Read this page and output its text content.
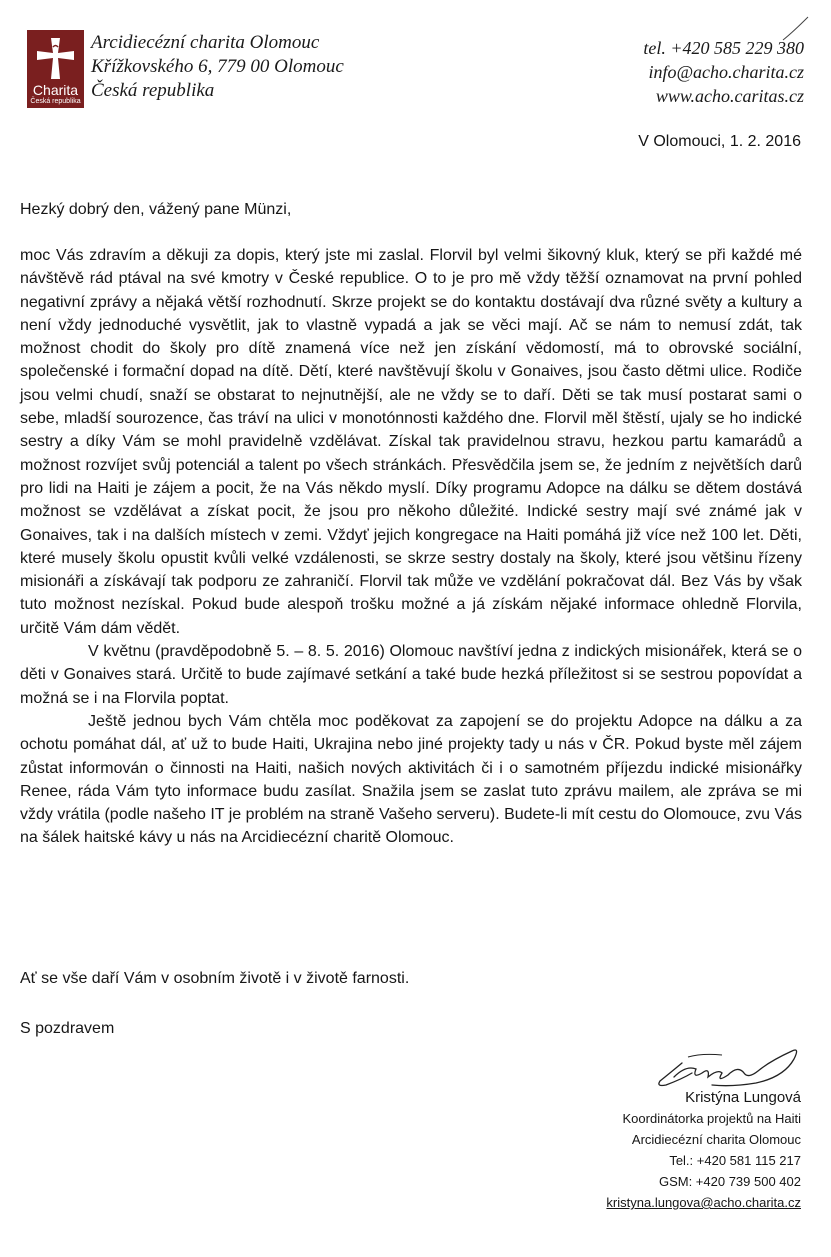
Charita
Česká republika
Arcidiecézní charita Olomouc
Křížkovského 6, 779 00 Olomouc
Česká republika
tel. +420 585 229 380
info@acho.charita.cz
www.acho.caritas.cz
V Olomouci, 1. 2. 2016
Hezký dobrý den, vážený pane Münzi,

moc Vás zdravím a děkuji za dopis, který jste mi zaslal. Florvil byl velmi šikovný kluk, který se při každé mé návštěvě rád ptával na své kmotry v České republice. O to je pro mě vždy těžší oznamovat na první pohled negativní zprávy a nějaká větší rozhodnutí. Skrze projekt se do kontaktu dostávají dva různé světy a kultury a není vždy jednoduché vysvětlit, jak to vlastně vypadá a jak se věci mají. Ač se nám to nemusí zdát, tak možnost chodit do školy pro dítě znamená více než jen získání vědomostí, má to obrovské sociální, společenské i formační dopad na dítě. Dětí, které navštěvují školu v Gonaives, jsou často dětmi ulice. Rodiče jsou velmi chudí, snaží se obstarat to nejnutnější, ale ne vždy se to daří. Děti se tak musí postarat sami o sebe, mladší sourozence, čas tráví na ulici v monotónnosti každého dne. Florvil měl štěstí, ujaly se ho indické sestry a díky Vám se mohl pravidelně vzdělávat. Získal tak pravidelnou stravu, hezkou partu kamarádů a možnost rozvíjet svůj potenciál a talent po všech stránkách. Přesvědčila jsem se, že jedním z největších darů pro lidi na Haiti je zájem a pocit, že na Vás někdo myslí. Díky programu Adopce na dálku se dětem dostává možnost se vzdělávat a získat pocit, že jsou pro někoho důležité. Indické sestry mají své známé jak v Gonaives, tak i na dalších místech v zemi. Vždyť jejich kongregace na Haiti pomáhá již více než 100 let. Děti, které musely školu opustit kvůli velké vzdálenosti, se skrze sestry dostaly na školy, které jsou většinu řízeny misionáři a získávají tak podporu ze zahraničí. Florvil tak může ve vzdělání pokračovat dál. Bez Vás by však tuto možnost nezískal. Pokud bude alespoň trošku možné a já získám nějaké informace ohledně Florvila, určitě Vám dám vědět.

V květnu (pravděpodobně 5. – 8. 5. 2016) Olomouc navštíví jedna z indických misionářek, která se o děti v Gonaives stará. Určitě to bude zajímavé setkání a také bude hezká příležitost si se sestrou popovídat a možná se i na Florvila poptat.

Ještě jednou bych Vám chtěla moc poděkovat za zapojení se do projektu Adopce na dálku a za ochotu pomáhat dál, ať už to bude Haiti, Ukrajina nebo jiné projekty tady u nás v ČR. Pokud byste měl zájem zůstat informován o činnosti na Haiti, našich nových aktivitách či i o samotném příjezdu indické misionářky Renee, ráda Vám tyto informace budu zasílat. Snažila jsem se zaslat tuto zprávu mailem, ale zpráva se mi vždy vrátila (podle našeho IT je problém na straně Vašeho serveru). Budete-li mít cestu do Olomouce, zvu Vás na šálek haitské kávy u nás na Arcidiecézní charitě Olomouc.

Ať se vše daří Vám v osobním životě i v životě farnosti.
S pozdravem
Kristýna Lungová
Koordinátorka projektů na Haiti
Arcidiecézní charita Olomouc
Tel.: +420 581 115 217
GSM: +420 739 500 402
kristyna.lungova@acho.charita.cz
